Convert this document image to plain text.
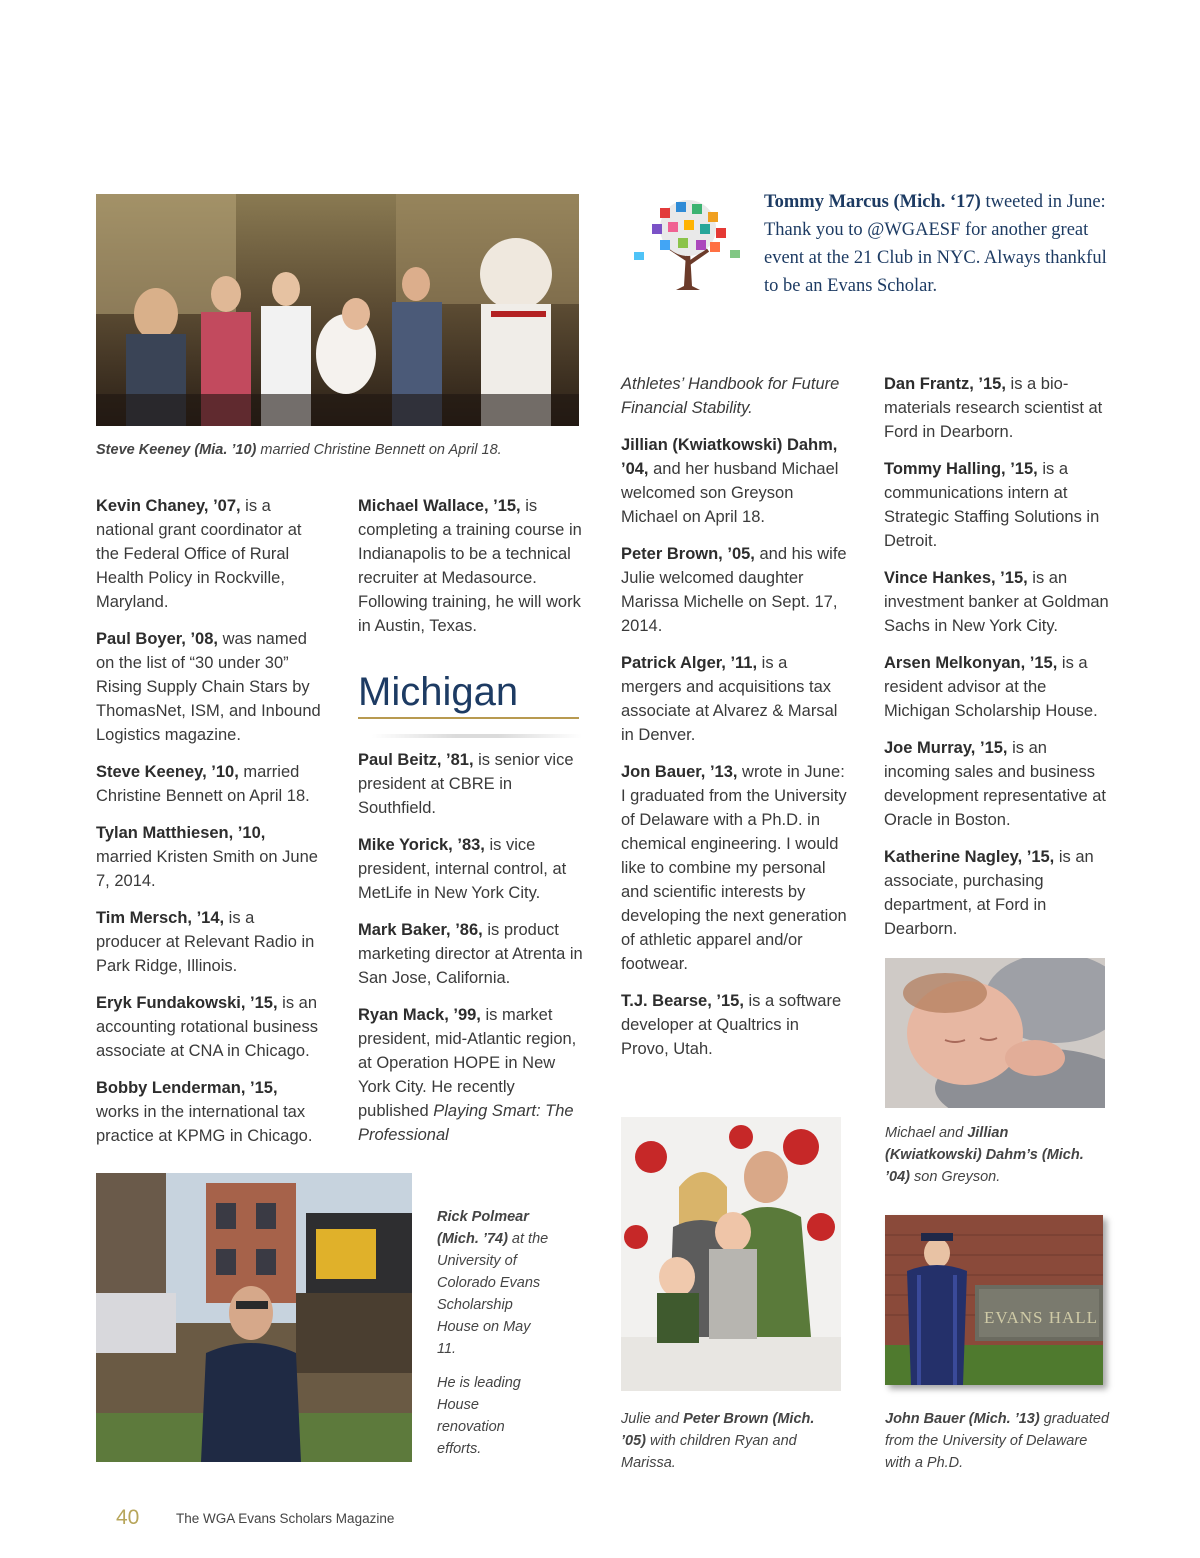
Steve Keeney (Mia. ’10) married Christine Bennett on April 18.
Tommy Marcus (Mich. ‘17) tweeted in June: Thank you to @WGAESF for another great event at the 21 Club in NYC. Always thankful to be an Evans Scholar.

Kevin Chaney, ’07, is a national grant coordinator at the Federal Office of Rural Health Policy in Rockville, Maryland.

Paul Boyer, ’08, was named on the list of “30 under 30” Rising Supply Chain Stars by ThomasNet, ISM, and Inbound Logistics magazine.

Steve Keeney, ’10, married Christine Bennett on April 18.

Tylan Matthiesen, ’10, married Kristen Smith on June 7, 2014.

Tim Mersch, ’14, is a producer at Relevant Radio in Park Ridge, Illinois.

Eryk Fundakowski, ’15, is an accounting rotational business associate at CNA in Chicago.

Bobby Lenderman, ’15, works in the international tax practice at KPMG in Chicago.

Michael Wallace, ’15, is completing a training course in Indianapolis to be a technical recruiter at Medasource. Following training, he will work in Austin, Texas.

Michigan

Paul Beitz, ’81, is senior vice president at CBRE in Southfield.

Mike Yorick, ’83, is vice president, internal control, at MetLife in New York City.

Mark Baker, ’86, is product marketing director at Atrenta in San Jose, California.

Ryan Mack, ’99, is market president, mid-Atlantic region, at Operation HOPE in New York City. He recently published Playing Smart: The Professional

Athletes’ Handbook for Future Financial Stability.

Jillian (Kwiatkowski) Dahm, ’04, and her husband Michael welcomed son Greyson Michael on April 18.

Peter Brown, ’05, and his wife Julie welcomed daughter Marissa Michelle on Sept. 17, 2014.

Patrick Alger, ’11, is a mergers and acquisitions tax associate at Alvarez & Marsal in Denver.

Jon Bauer, ’13, wrote in June: I graduated from the University of Delaware with a Ph.D. in chemical engineering. I would like to combine my personal and scientific interests by developing the next generation of athletic apparel and/or footwear.

T.J. Bearse, ’15, is a software developer at Qualtrics in Provo, Utah.

Dan Frantz, ’15, is a bio-materials research scientist at Ford in Dearborn.

Tommy Halling, ’15, is a communications intern at Strategic Staffing Solutions in Detroit.

Vince Hankes, ’15, is an investment banker at Goldman Sachs in New York City.

Arsen Melkonyan, ’15, is a resident advisor at the Michigan Scholarship House.

Joe Murray, ’15, is an incoming sales and business development representative at Oracle in Boston.

Katherine Nagley, ’15, is an associate, purchasing department, at Ford in Dearborn.

Michael and Jillian (Kwiatkowski) Dahm’s (Mich. ’04) son Greyson.

Rick Polmear (Mich. ’74) at the University of Colorado Evans Scholarship House on May 11.

He is leading House renovation efforts.

Julie and Peter Brown (Mich. ’05) with children Ryan and Marissa.
EVANS HALL
John Bauer (Mich. ’13) graduated from the University of Delaware with a Ph.D.
40	The WGA Evans Scholars Magazine
